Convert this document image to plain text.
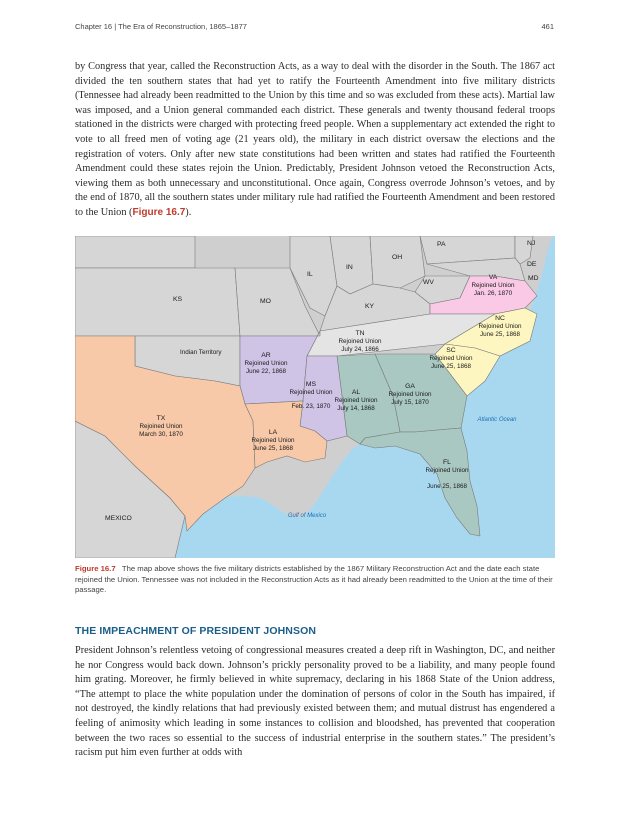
Chapter 16 | The Era of Reconstruction, 1865–1877	461

by Congress that year, called the Reconstruction Acts, as a way to deal with the disorder in the South. The 1867 act divided the ten southern states that had yet to ratify the Fourteenth Amendment into five military districts (Tennessee had already been readmitted to the Union by this time and so was excluded from these acts). Martial law was imposed, and a Union general commanded each district. These generals and twenty thousand federal troops stationed in the districts were charged with protecting freed people. When a supplementary act extended the right to vote to all freed men of voting age (21 years old), the military in each district oversaw the elections and the registration of voters. Only after new state constitutions had been written and states had ratified the Fourteenth Amendment could these states rejoin the Union. Predictably, President Johnson vetoed the Reconstruction Acts, viewing them as both unnecessary and unconstitutional. Once again, Congress overrode Johnson’s vetoes, and by the end of 1870, all the southern states under military rule had ratified the Fourteenth Amendment and been restored to the Union (Figure 16.7).

PA	NJ
DE
MD
OH
IN
IL
WV
KY
MO
KS
Indian Territory
MEXICO
VA
Rejoined Union
Jan. 26, 1870
NC
Rejoined Union
June 25, 1868
SC
Rejoined Union
June 25, 1868
TN
Rejoined Union
July 24, 1866
GA
Rejoined Union
July 15, 1870
AL
Rejoined Union
July 14, 1868
MS
Rejoined Union
Feb. 23, 1870
AR
Rejoined Union
June 22, 1868
LA
Rejoined Union
June 25, 1868
TX
Rejoined Union
March 30, 1870
FL
Rejoined Union
June 25, 1868
Atlantic Ocean
Gulf of Mexico

Figure 16.7 The map above shows the five military districts established by the 1867 Military Reconstruction Act and the date each state rejoined the Union. Tennessee was not included in the Reconstruction Acts as it had already been readmitted to the Union at the time of their passage.

THE IMPEACHMENT OF PRESIDENT JOHNSON

President Johnson’s relentless vetoing of congressional measures created a deep rift in Washington, DC, and neither he nor Congress would back down. Johnson’s prickly personality proved to be a liability, and many people found him grating. Moreover, he firmly believed in white supremacy, declaring in his 1868 State of the Union address, “The attempt to place the white population under the domination of persons of color in the South has impaired, if not destroyed, the kindly relations that had previously existed between them; and mutual distrust has engendered a feeling of animosity which leading in some instances to collision and bloodshed, has prevented that cooperation between the two races so essential to the success of industrial enterprise in the southern states.” The president’s racism put him even further at odds with
